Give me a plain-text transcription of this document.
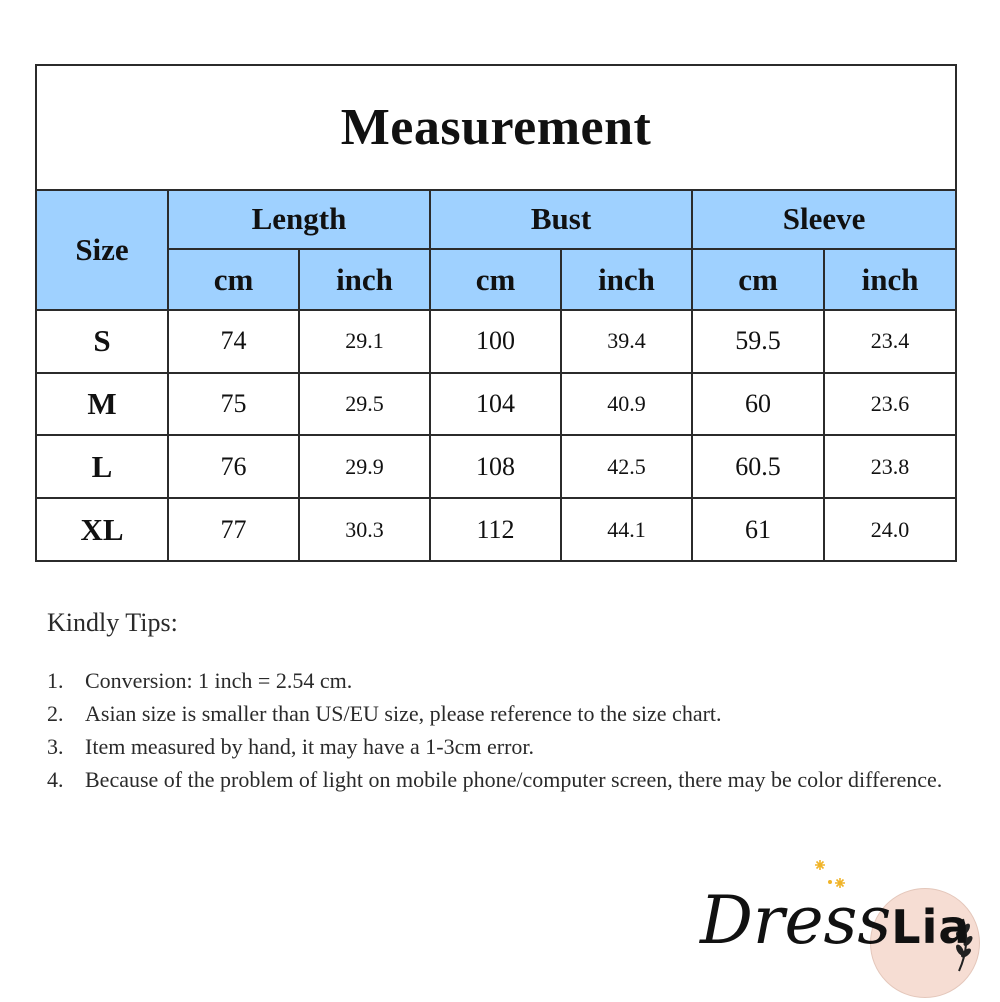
Measurement						
Size	Length		Bust		Sleeve	
	cm	inch	cm	inch	cm	inch
S	74	29.1	100	39.4	59.5	23.4
M	75	29.5	104	40.9	60	23.6
L	76	29.9	108	42.5	60.5	23.8
XL	77	30.3	112	44.1	61	24.0

Kindly Tips:

1. Conversion: 1 inch = 2.54 cm.
2. Asian size is smaller than US/EU size, please reference to the size chart.
3. Item measured by hand, it may have a 1-3cm error.
4. Because of the problem of light on mobile phone/computer screen, there may be color difference.
DressLia
